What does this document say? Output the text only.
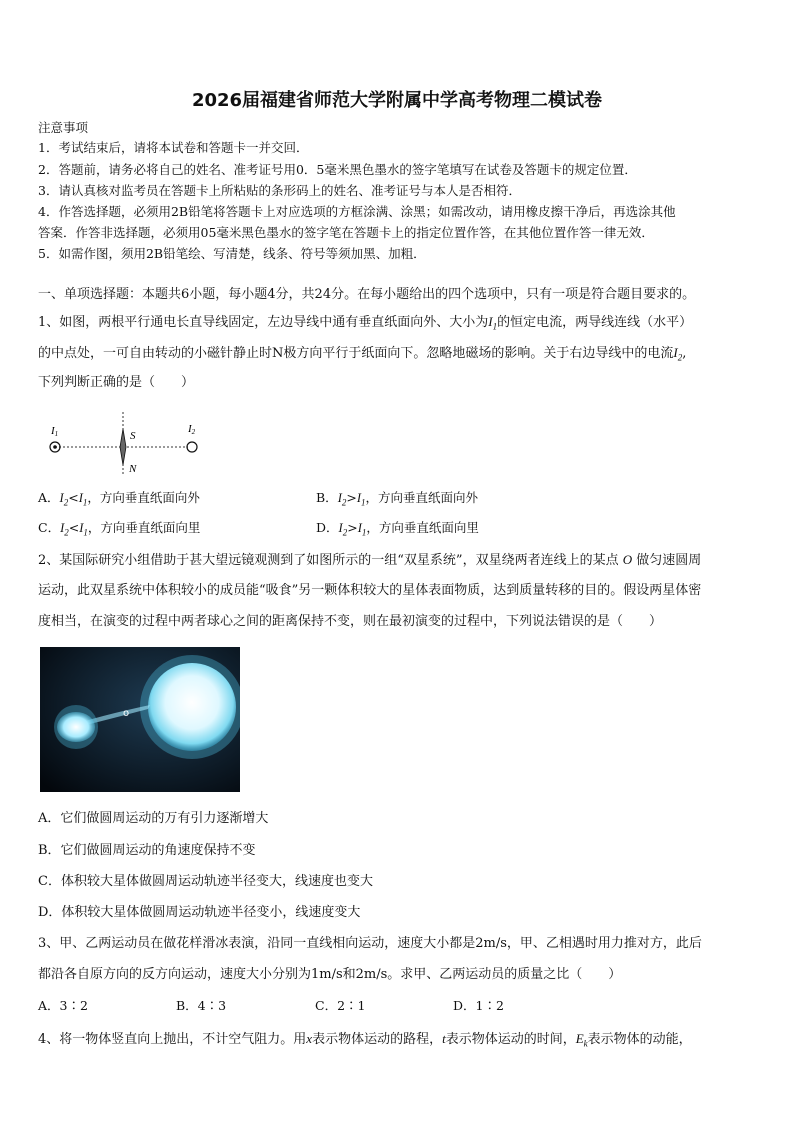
2026届福建省师范大学附属中学高考物理二模试卷
注意事项
1．考试结束后，请将本试卷和答题卡一并交回．
2．答题前，请务必将自己的姓名、准考证号用0．5毫米黑色墨水的签字笔填写在试卷及答题卡的规定位置．
3．请认真核对监考员在答题卡上所粘贴的条形码上的姓名、准考证号与本人是否相符．
4．作答选择题，必须用2B铅笔将答题卡上对应选项的方框涂满、涂黑；如需改动，请用橡皮擦干净后，再选涂其他
答案．作答非选择题，必须用05毫米黑色墨水的签字笔在答题卡上的指定位置作答，在其他位置作答一律无效．
5．如需作图，须用2B铅笔绘、写清楚，线条、符号等须加黑、加粗．
一、单项选择题：本题共6小题，每小题4分，共24分。在每小题给出的四个选项中，只有一项是符合题目要求的。
1、如图，两根平行通电长直导线固定，左边导线中通有垂直纸面向外、大小为$I_1$的恒定电流，两导线连线（水平）
的中点处，一可自由转动的小磁针静止时N极方向平行于纸面向下。忽略地磁场的影响。关于右边导线中的电流$I_2$,
下列判断正确的是（　　）
I1	I2
S
N
A．$I_2<I_1$，方向垂直纸面向外	B．$I_2>I_1$，方向垂直纸面向外
C．$I_2<I_1$，方向垂直纸面向里	D．$I_2>I_1$，方向垂直纸面向里
2、某国际研究小组借助于甚大望远镜观测到了如图所示的一组“双星系统”，双星绕两者连线上的某点 O 做匀速圆周
运动，此双星系统中体积较小的成员能“吸食”另一颗体积较大的星体表面物质，达到质量转移的目的。假设两星体密
度相当，在演变的过程中两者球心之间的距离保持不变，则在最初演变的过程中，下列说法错误的是（　　）
o
A．它们做圆周运动的万有引力逐渐增大
B．它们做圆周运动的角速度保持不变
C．体积较大星体做圆周运动轨迹半径变大，线速度也变大
D．体积较大星体做圆周运动轨迹半径变小，线速度变大
3、甲、乙两运动员在做花样滑冰表演，沿同一直线相向运动，速度大小都是2m/s，甲、乙相遇时用力推对方，此后
都沿各自原方向的反方向运动，速度大小分别为1m/s和2m/s。求甲、乙两运动员的质量之比（　　）
A．3∶2	B．4∶3	C．2∶1	D．1∶2
4、将一物体竖直向上抛出，不计空气阻力。用x表示物体运动的路程，t表示物体运动的时间，$E_k$表示物体的动能，
